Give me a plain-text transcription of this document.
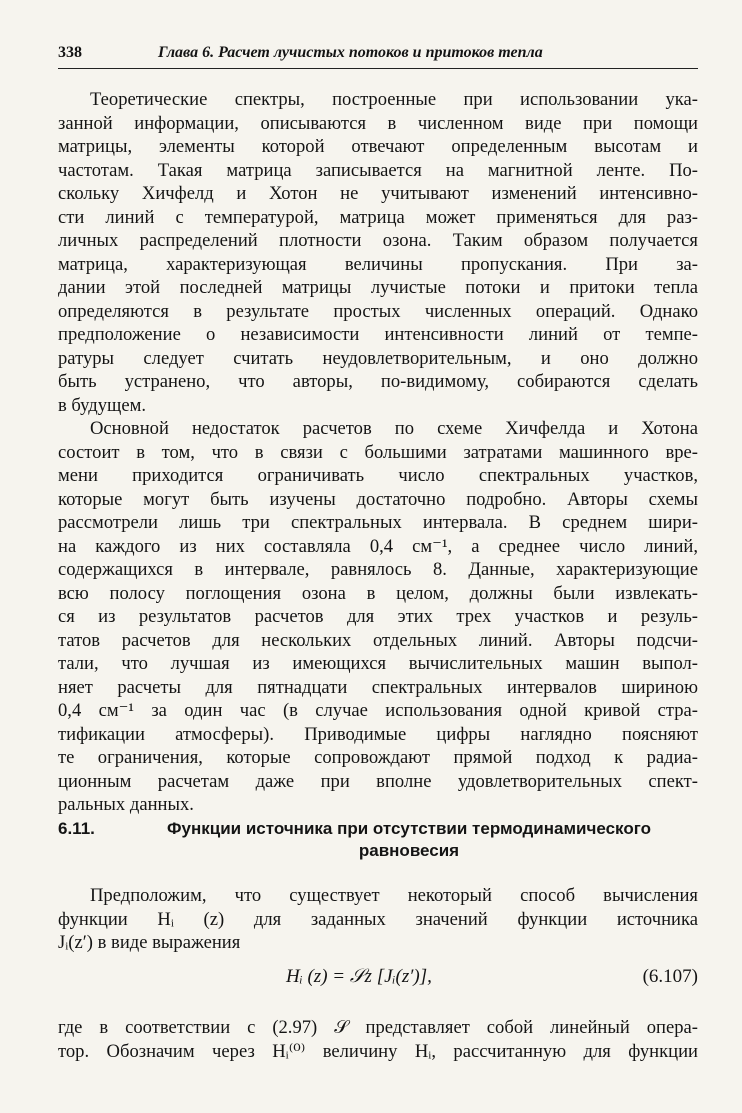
338	Глава 6. Расчет лучистых потоков и притоков тепла
Теоретические спектры, построенные при использовании ука-
занной информации, описываются в численном виде при помощи
матрицы, элементы которой отвечают определенным высотам и
частотам. Такая матрица записывается на магнитной ленте. По-
скольку Хичфелд и Хотон не учитывают изменений интенсивно-
сти линий с температурой, матрица может применяться для раз-
личных распределений плотности озона. Таким образом получается
матрица, характеризующая величины пропускания. При за-
дании этой последней матрицы лучистые потоки и притоки тепла
определяются в результате простых численных операций. Однако
предположение о независимости интенсивности линий от темпе-
ратуры следует считать неудовлетворительным, и оно должно
быть устранено, что авторы, по-видимому, собираются сделать
в будущем.
Основной недостаток расчетов по схеме Хичфелда и Хотона
состоит в том, что в связи с большими затратами машинного вре-
мени приходится ограничивать число спектральных участков,
которые могут быть изучены достаточно подробно. Авторы схемы
рассмотрели лишь три спектральных интервала. В среднем шири-
на каждого из них составляла 0,4 см⁻¹, а среднее число линий,
содержащихся в интервале, равнялось 8. Данные, характеризующие
всю полосу поглощения озона в целом, должны были извлекать-
ся из результатов расчетов для этих трех участков и резуль-
татов расчетов для нескольких отдельных линий. Авторы подсчи-
тали, что лучшая из имеющихся вычислительных машин выпол-
няет расчеты для пятнадцати спектральных интервалов шириною
0,4 см⁻¹ за один час (в случае использования одной кривой стра-
тификации атмосферы). Приводимые цифры наглядно поясняют
те ограничения, которые сопровождают прямой подход к радиа-
ционным расчетам даже при вполне удовлетворительных спект-
ральных данных.
6.11.	Функции источника при отсутствии термодинамического
равновесия
Предположим, что существует некоторый способ вычисления
функции Hᵢ (z) для заданных значений функции источника
Jᵢ(z′) в виде выражения
Hᵢ (z) = 𝒮z [Jᵢ(z′)],	(6.107)
где в соответствии с (2.97) 𝒮 представляет собой линейный опера-
тор. Обозначим через Hᵢ⁽⁰⁾ величину Hᵢ, рассчитанную для функции
